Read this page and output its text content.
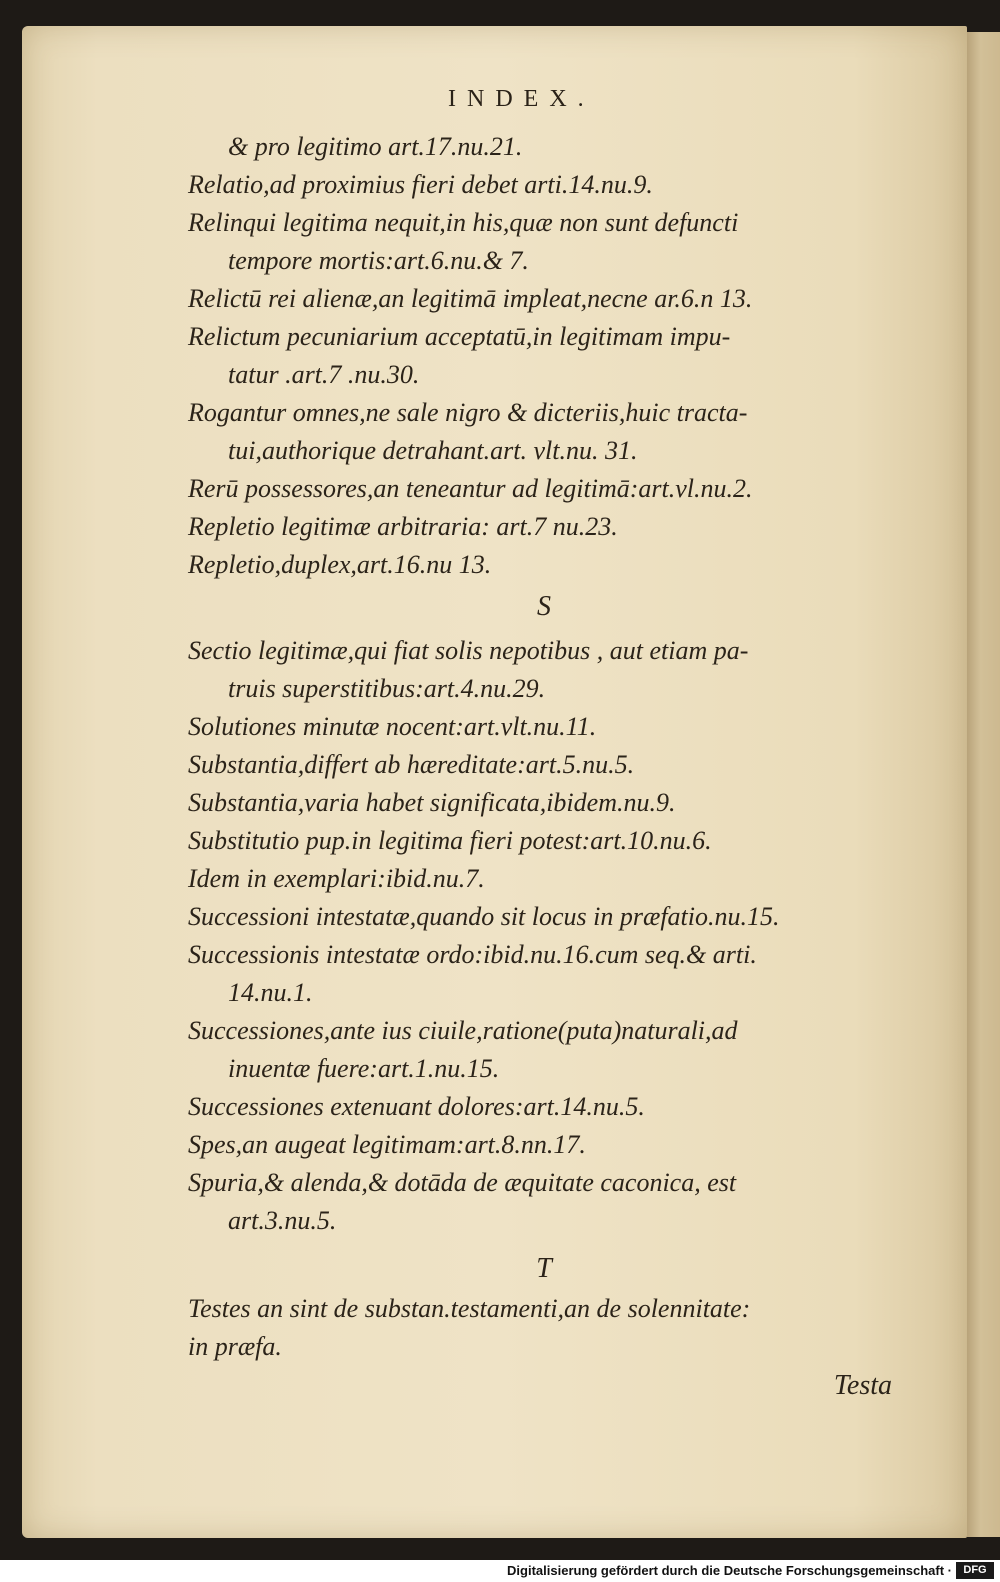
INDEX.
& pro legitimo art.17.nu.21.
Relatio,ad proximius fieri debet arti.14.nu.9.
Relinqui legitima nequit,in his,quæ non sunt defuncti
tempore mortis:art.6.nu.& 7.
Relictū rei alienæ,an legitimā impleat,necne ar.6.n 13.
Relictum pecuniarium acceptatū,in legitimam impu-
tatur .art.7 .nu.30.
Rogantur omnes,ne sale nigro & dicteriis,huic tracta-
tui,authorique detrahant.art. vlt.nu. 31.
Rerū possessores,an teneantur ad legitimā:art.vl.nu.2.
Repletio legitimæ arbitraria: art.7 nu.23.
Repletio,duplex,art.16.nu 13.
S
Sectio legitimæ,qui fiat solis nepotibus , aut etiam pa-
truis superstitibus:art.4.nu.29.
Solutiones minutæ nocent:art.vlt.nu.11.
Substantia,differt ab hæreditate:art.5.nu.5.
Substantia,varia habet significata,ibidem.nu.9.
Substitutio pup.in legitima fieri potest:art.10.nu.6.
Idem in exemplari:ibid.nu.7.
Successioni intestatæ,quando sit locus in præfatio.nu.15.
Successionis intestatæ ordo:ibid.nu.16.cum seq.& arti.
14.nu.1.
Successiones,ante ius ciuile,ratione(puta)naturali,ad
inuentæ fuere:art.1.nu.15.
Successiones extenuant dolores:art.14.nu.5.
Spes,an augeat legitimam:art.8.nn.17.
Spuria,& alenda,& dotāda de æquitate caconica, est
art.3.nu.5.
T
Testes an sint de substan.testamenti,an de solennitate:
in præfa.
Testa
Digitalisierung gefördert durch die Deutsche Forschungsgemeinschaft ·	DFG
